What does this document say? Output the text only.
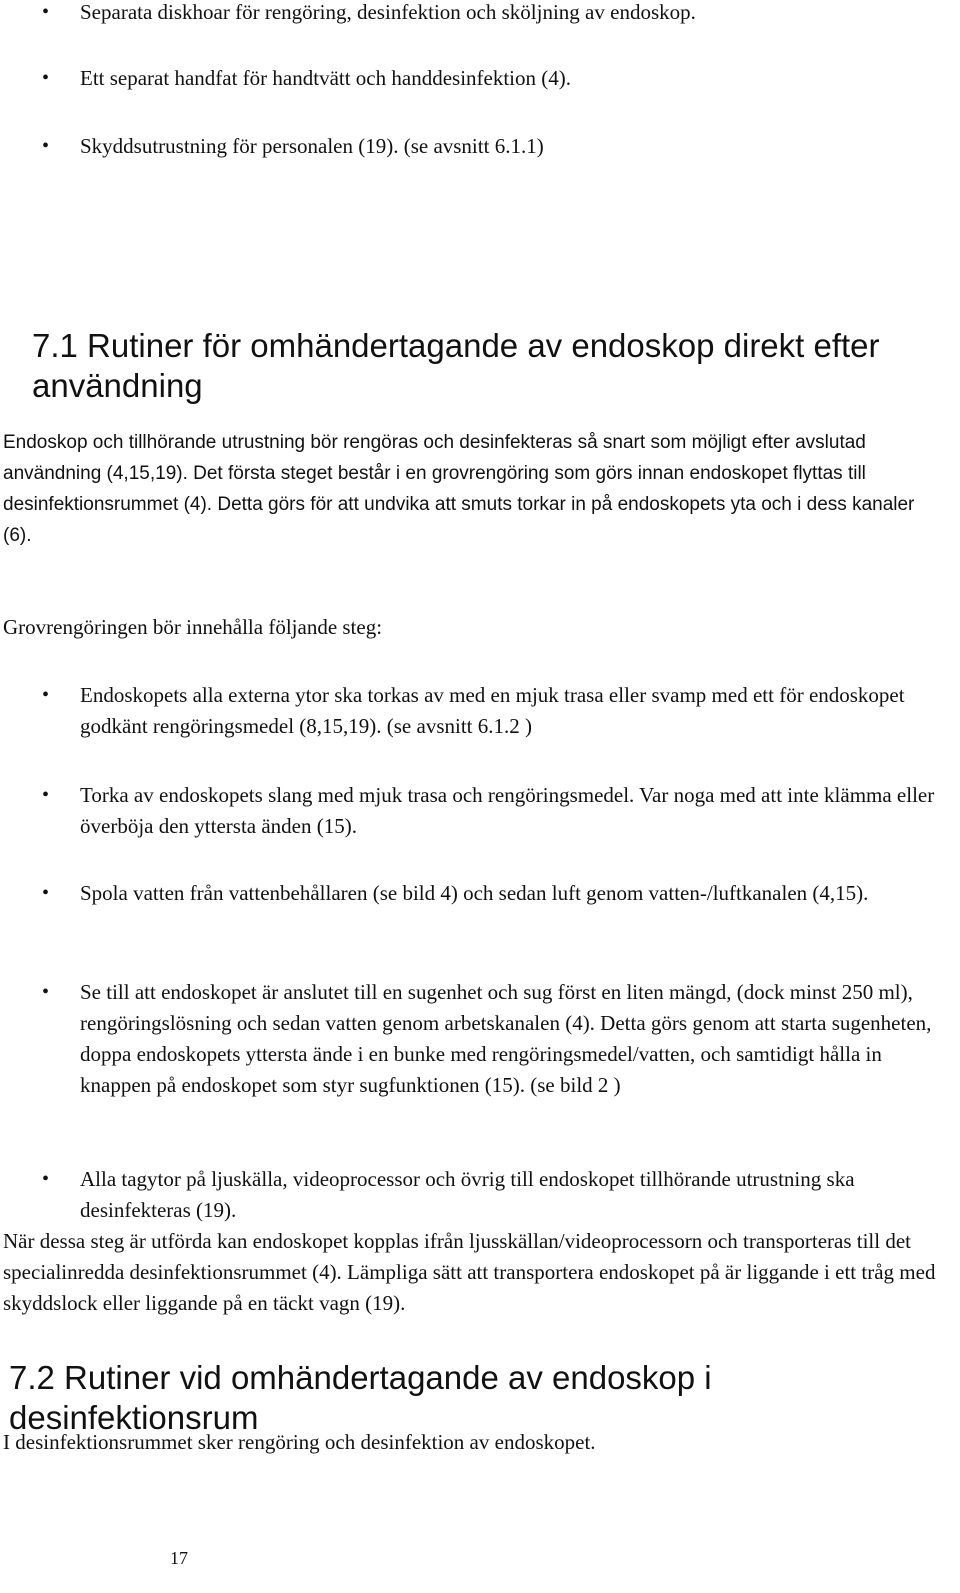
• Separata diskhoar för rengöring, desinfektion och sköljning av endoskop.

• Ett separat handfat för handtvätt och handdesinfektion (4).

• Skyddsutrustning för personalen (19). (se avsnitt 6.1.1)

7.1 Rutiner för omhändertagande av endoskop direkt efter användning

Endoskop och tillhörande utrustning bör rengöras och desinfekteras så snart som möjligt efter avslutad användning (4,15,19). Det första steget består i en grovrengöring som görs innan endoskopet flyttas till desinfektionsrummet (4). Detta görs för att undvika att smuts torkar in på endoskopets yta och i dess kanaler (6).

Grovrengöringen bör innehålla följande steg:

• Endoskopets alla externa ytor ska torkas av med en mjuk trasa eller svamp med ett för endoskopet godkänt rengöringsmedel (8,15,19). (se avsnitt 6.1.2 )

• Torka av endoskopets slang med mjuk trasa och rengöringsmedel. Var noga med att inte klämma eller överböja den yttersta änden (15).

• Spola vatten från vattenbehållaren (se bild 4) och sedan luft genom vatten-/luftkanalen (4,15).

• Se till att endoskopet är anslutet till en sugenhet och sug först en liten mängd, (dock minst 250 ml), rengöringslösning och sedan vatten genom arbetskanalen (4). Detta görs genom att starta sugenheten, doppa endoskopets yttersta ände i en bunke med rengöringsmedel/vatten, och samtidigt hålla in knappen på endoskopet som styr sugfunktionen (15). (se bild 2 )

• Alla tagytor på ljuskälla, videoprocessor och övrig till endoskopet tillhörande utrustning ska desinfekteras (19).

När dessa steg är utförda kan endoskopet kopplas ifrån ljusskällan/videoprocessorn och transporteras till det specialinredda desinfektionsrummet (4). Lämpliga sätt att transportera endoskopet på är liggande i ett tråg med skyddslock eller liggande på en täckt vagn (19).

7.2 Rutiner vid omhändertagande av endoskop i desinfektionsrum

I desinfektionsrummet sker rengöring och desinfektion av endoskopet.

17
